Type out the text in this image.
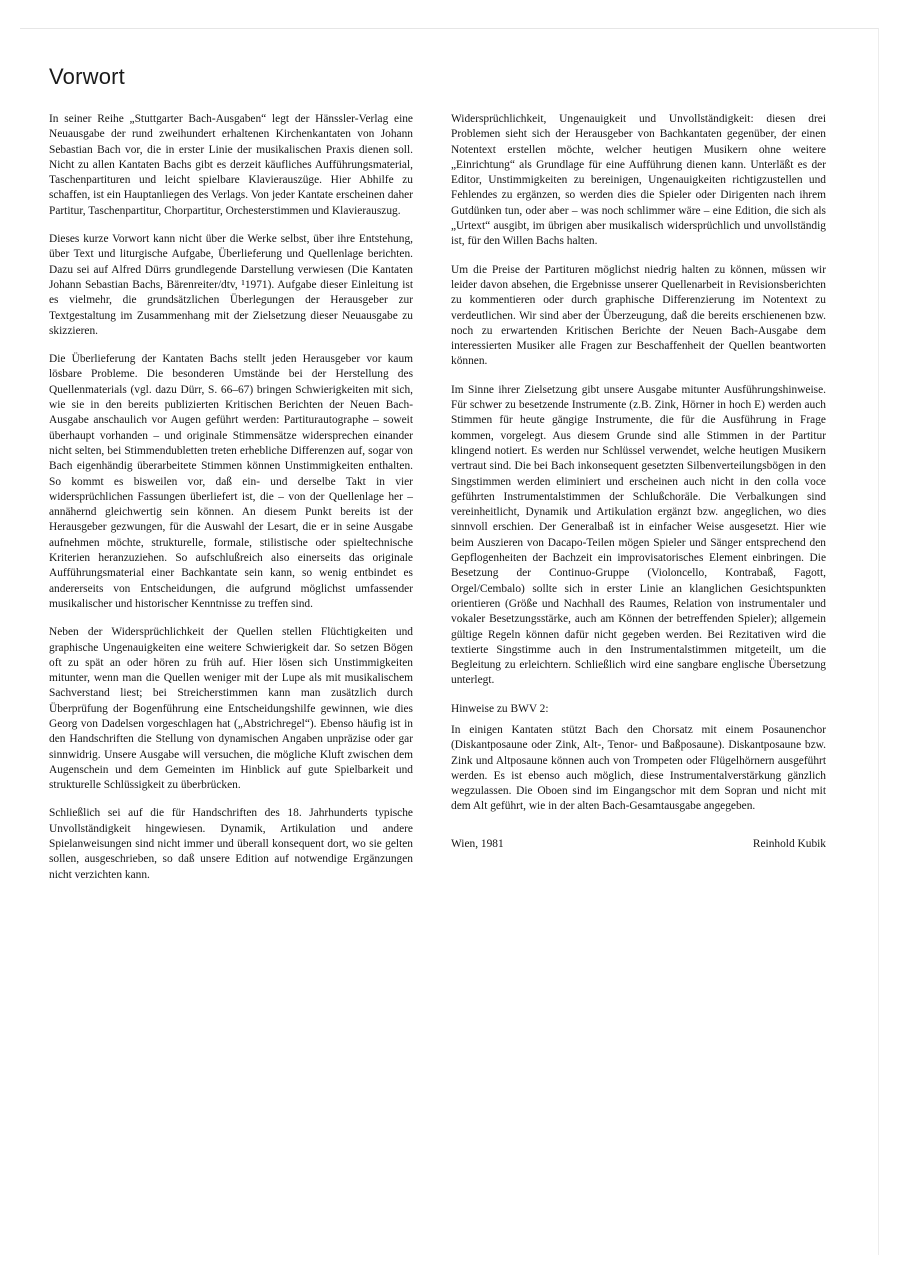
Vorwort

In seiner Reihe „Stuttgarter Bach-Ausgaben“ legt der Hänssler-Verlag eine Neuausgabe der rund zweihundert erhaltenen Kirchenkantaten von Johann Sebastian Bach vor, die in erster Linie der musikalischen Praxis dienen soll. Nicht zu allen Kantaten Bachs gibt es derzeit käufliches Aufführungsmaterial, Taschenpartituren und leicht spielbare Klavierauszüge. Hier Abhilfe zu schaffen, ist ein Hauptanliegen des Verlags. Von jeder Kantate erscheinen daher Partitur, Taschenpartitur, Chorpartitur, Orchesterstimmen und Klavierauszug.

Dieses kurze Vorwort kann nicht über die Werke selbst, über ihre Entstehung, über Text und liturgische Aufgabe, Überlieferung und Quellenlage berichten. Dazu sei auf Alfred Dürrs grundlegende Darstellung verwiesen (Die Kantaten Johann Sebastian Bachs, Bärenreiter/dtv, ¹1971). Aufgabe dieser Einleitung ist es vielmehr, die grundsätzlichen Überlegungen der Herausgeber zur Textgestaltung im Zusammenhang mit der Zielsetzung dieser Neuausgabe zu skizzieren.

Die Überlieferung der Kantaten Bachs stellt jeden Herausgeber vor kaum lösbare Probleme. Die besonderen Umstände bei der Herstellung des Quellenmaterials (vgl. dazu Dürr, S. 66–67) bringen Schwierigkeiten mit sich, wie sie in den bereits publizierten Kritischen Berichten der Neuen Bach-Ausgabe anschaulich vor Augen geführt werden: Partiturautographe – soweit überhaupt vorhanden – und originale Stimmensätze widersprechen einander nicht selten, bei Stimmendubletten treten erhebliche Differenzen auf, sogar von Bach eigenhändig überarbeitete Stimmen können Unstimmigkeiten enthalten. So kommt es bisweilen vor, daß ein- und derselbe Takt in vier widersprüchlichen Fassungen überliefert ist, die – von der Quellenlage her – annähernd gleichwertig sein können. An diesem Punkt bereits ist der Herausgeber gezwungen, für die Auswahl der Lesart, die er in seine Ausgabe aufnehmen möchte, strukturelle, formale, stilistische oder spieltechnische Kriterien heranzuziehen. So aufschlußreich also einerseits das originale Aufführungsmaterial einer Bachkantate sein kann, so wenig entbindet es andererseits von Entscheidungen, die aufgrund möglichst umfassender musikalischer und historischer Kenntnisse zu treffen sind.

Neben der Widersprüchlichkeit der Quellen stellen Flüchtigkeiten und graphische Ungenauigkeiten eine weitere Schwierigkeit dar. So setzen Bögen oft zu spät an oder hören zu früh auf. Hier lösen sich Unstimmigkeiten mitunter, wenn man die Quellen weniger mit der Lupe als mit musikalischem Sachverstand liest; bei Streicherstimmen kann man zusätzlich durch Überprüfung der Bogenführung eine Entscheidungshilfe gewinnen, wie dies Georg von Dadelsen vorgeschlagen hat („Abstrichregel“). Ebenso häufig ist in den Handschriften die Stellung von dynamischen Angaben unpräzise oder gar sinnwidrig. Unsere Ausgabe will versuchen, die mögliche Kluft zwischen dem Augenschein und dem Gemeinten im Hinblick auf gute Spielbarkeit und strukturelle Schlüssigkeit zu überbrücken.

Schließlich sei auf die für Handschriften des 18. Jahrhunderts typische Unvollständigkeit hingewiesen. Dynamik, Artikulation und andere Spielanweisungen sind nicht immer und überall konsequent dort, wo sie gelten sollen, ausgeschrieben, so daß unsere Edition auf notwendige Ergänzungen nicht verzichten kann.

Widersprüchlichkeit, Ungenauigkeit und Unvollständigkeit: diesen drei Problemen sieht sich der Herausgeber von Bachkantaten gegenüber, der einen Notentext erstellen möchte, welcher heutigen Musikern ohne weitere „Einrichtung“ als Grundlage für eine Aufführung dienen kann. Unterläßt es der Editor, Unstimmigkeiten zu bereinigen, Ungenauigkeiten richtigzustellen und Fehlendes zu ergänzen, so werden dies die Spieler oder Dirigenten nach ihrem Gutdünken tun, oder aber – was noch schlimmer wäre – eine Edition, die sich als „Urtext“ ausgibt, im übrigen aber musikalisch widersprüchlich und unvollständig ist, für den Willen Bachs halten.

Um die Preise der Partituren möglichst niedrig halten zu können, müssen wir leider davon absehen, die Ergebnisse unserer Quellenarbeit in Revisionsberichten zu kommentieren oder durch graphische Differenzierung im Notentext zu verdeutlichen. Wir sind aber der Überzeugung, daß die bereits erschienenen bzw. noch zu erwartenden Kritischen Berichte der Neuen Bach-Ausgabe dem interessierten Musiker alle Fragen zur Beschaffenheit der Quellen beantworten können.

Im Sinne ihrer Zielsetzung gibt unsere Ausgabe mitunter Ausführungshinweise. Für schwer zu besetzende Instrumente (z.B. Zink, Hörner in hoch E) werden auch Stimmen für heute gängige Instrumente, die für die Ausführung in Frage kommen, vorgelegt. Aus diesem Grunde sind alle Stimmen in der Partitur klingend notiert. Es werden nur Schlüssel verwendet, welche heutigen Musikern vertraut sind. Die bei Bach inkonsequent gesetzten Silbenverteilungsbögen in den Singstimmen werden eliminiert und erscheinen auch nicht in den colla voce geführten Instrumentalstimmen der Schlußchoräle. Die Verbalkungen sind vereinheitlicht, Dynamik und Artikulation ergänzt bzw. angeglichen, wo dies sinnvoll erschien. Der Generalbaß ist in einfacher Weise ausgesetzt. Hier wie beim Auszieren von Dacapo-Teilen mögen Spieler und Sänger entsprechend den Gepflogenheiten der Bachzeit ein improvisatorisches Element einbringen. Die Besetzung der Continuo-Gruppe (Violoncello, Kontrabaß, Fagott, Orgel/Cembalo) sollte sich in erster Linie an klanglichen Gesichtspunkten orientieren (Größe und Nachhall des Raumes, Relation von instrumentaler und vokaler Besetzungsstärke, auch am Können der betreffenden Spieler); allgemein gültige Regeln können dafür nicht gegeben werden. Bei Rezitativen wird die textierte Singstimme auch in den Instrumentalstimmen mitgeteilt, um die Begleitung zu erleichtern. Schließlich wird eine sangbare englische Übersetzung unterlegt.

Hinweise zu BWV 2:

In einigen Kantaten stützt Bach den Chorsatz mit einem Posaunenchor (Diskantposaune oder Zink, Alt-, Tenor- und Baßposaune). Diskantposaune bzw. Zink und Altposaune können auch von Trompeten oder Flügelhörnern ausgeführt werden. Es ist ebenso auch möglich, diese Instrumentalverstärkung gänzlich wegzulassen. Die Oboen sind im Eingangschor mit dem Sopran und nicht mit dem Alt geführt, wie in der alten Bach-Gesamtausgabe angegeben.

Wien, 1981	Reinhold Kubik
